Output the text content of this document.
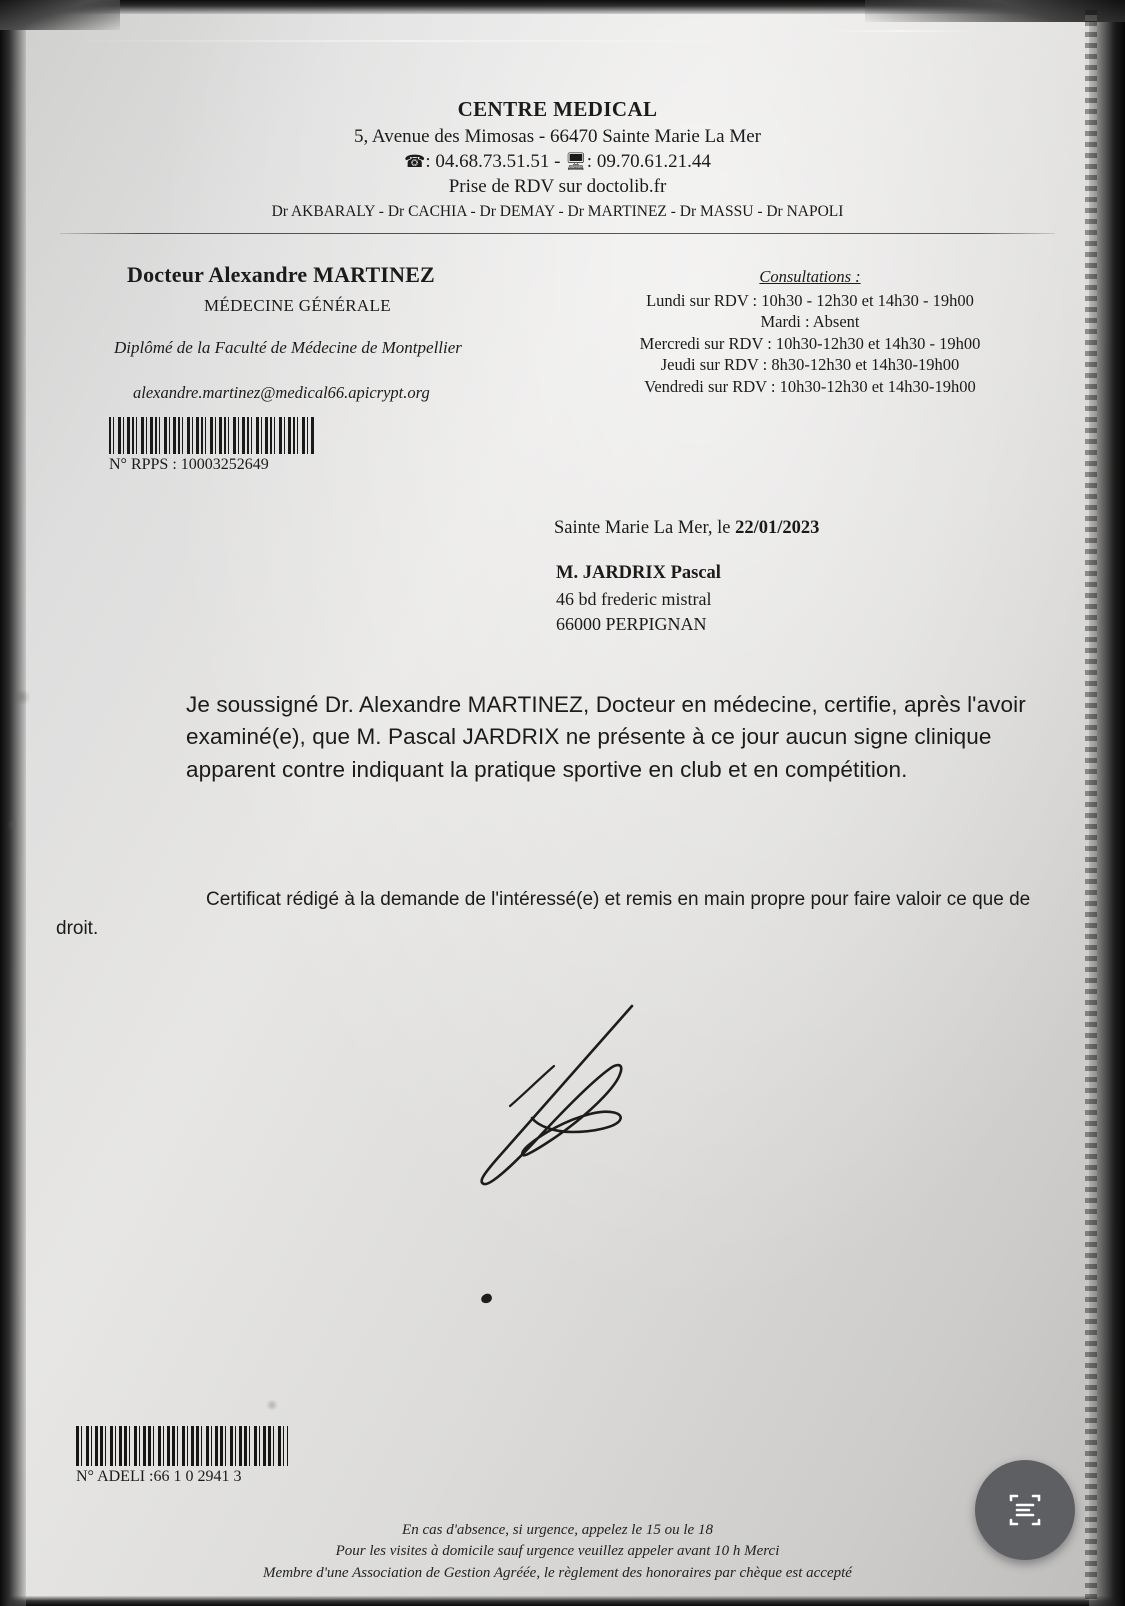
CENTRE MEDICAL
5, Avenue des Mimosas - 66470 Sainte Marie La Mer
☎: 04.68.73.51.51 - 🖥: 09.70.61.21.44
Prise de RDV sur doctolib.fr
Dr AKBARALY - Dr CACHIA - Dr DEMAY - Dr MARTINEZ - Dr MASSU - Dr NAPOLI
Docteur Alexandre MARTINEZ
MÉDECINE GÉNÉRALE
Diplômé de la Faculté de Médecine de Montpellier
alexandre.martinez@medical66.apicrypt.org
N° RPPS : 10003252649
Consultations :
Lundi sur RDV : 10h30 - 12h30 et 14h30 - 19h00
Mardi : Absent
Mercredi sur RDV : 10h30-12h30 et 14h30 - 19h00
Jeudi sur RDV : 8h30-12h30 et 14h30-19h00
Vendredi sur RDV : 10h30-12h30 et 14h30-19h00
Sainte Marie La Mer, le 22/01/2023
M. JARDRIX Pascal
46 bd frederic mistral
66000 PERPIGNAN
Je soussigné Dr. Alexandre MARTINEZ, Docteur en médecine, certifie, après l'avoir examiné(e), que M. Pascal JARDRIX ne présente à ce jour aucun signe clinique apparent contre indiquant la pratique sportive en club et en compétition.
Certificat rédigé à la demande de l'intéressé(e) et remis en main propre pour faire valoir ce que de droit.
N° ADELI :66 1 0 2941 3
En cas d'absence, si urgence, appelez le 15 ou le 18
Pour les visites à domicile sauf urgence veuillez appeler avant 10 h Merci
Membre d'une Association de Gestion Agréée, le règlement des honoraires par chèque est accepté
